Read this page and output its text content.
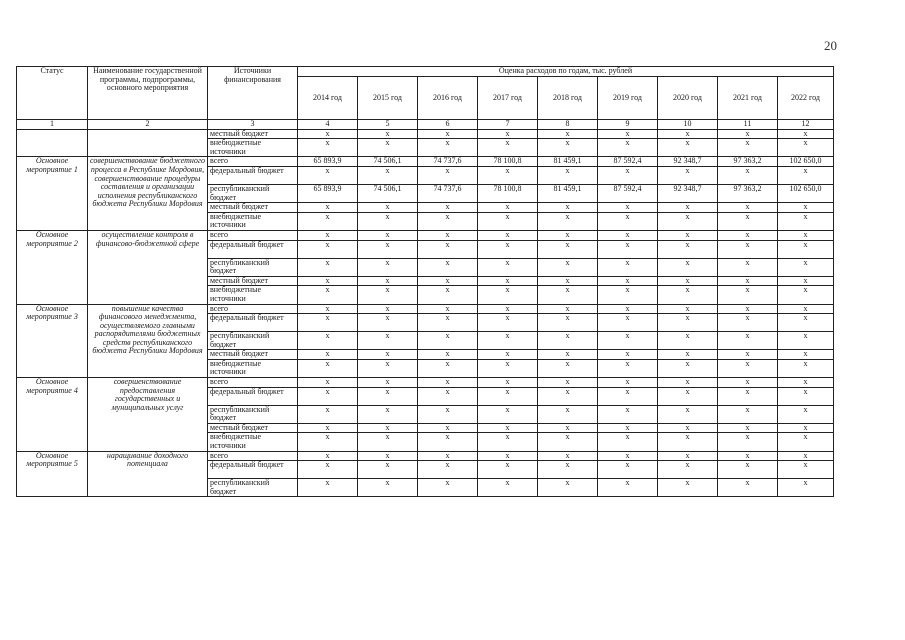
20
Статус	Наименование государственной программы, подпрограммы, основного мероприятия	Источники финансирования	Оценка расходов по годам, тыс. рублей								
			2014 год	2015 год	2016 год	2017 год	2018 год	2019 год	2020 год	2021 год	2022 год
1	2	3	4	5	6	7	8	9	10	11	12
		местный бюджет	x	x	x	x	x	x	x	x	x
		внебюджетные источники	x	x	x	x	x	x	x	x	x
Основное мероприятие 1	совершенствование бюджетного процесса в Республике Мордовия, совершенствование процедуры составления и организации исполнения республиканского бюджета Республики Мордовия	всего	65 893,9	74 506,1	74 737,6	78 100,8	81 459,1	87 592,4	92 348,7	97 363,2	102 650,0
		федеральный бюджет	x	x	x	x	x	x	x	x	x
		республиканский бюджет	65 893,9	74 506,1	74 737,6	78 100,8	81 459,1	87 592,4	92 348,7	97 363,2	102 650,0
		местный бюджет	x	x	x	x	x	x	x	x	x
		внебюджетные источники	x	x	x	x	x	x	x	x	x
Основное мероприятие 2	осуществление контроля в финансово-бюджетной сфере	всего	x	x	x	x	x	x	x	x	x
		федеральный бюджет	x	x	x	x	x	x	x	x	x
		республиканский бюджет	x	x	x	x	x	x	x	x	x
		местный бюджет	x	x	x	x	x	x	x	x	x
		внебюджетные источники	x	x	x	x	x	x	x	x	x
Основное мероприятие 3	повышение качества финансового менеджмента, осуществляемого главными распорядителями бюджетных средств республиканского бюджета Республики Мордовия	всего	x	x	x	x	x	x	x	x	x
		федеральный бюджет	x	x	x	x	x	x	x	x	x
		республиканский бюджет	x	x	x	x	x	x	x	x	x
		местный бюджет	x	x	x	x	x	x	x	x	x
		внебюджетные источники	x	x	x	x	x	x	x	x	x
Основное мероприятие 4	совершенствование предоставления государственных и муниципальных услуг	всего	x	x	x	x	x	x	x	x	x
		федеральный бюджет	x	x	x	x	x	x	x	x	x
		республиканский бюджет	x	x	x	x	x	x	x	x	x
		местный бюджет	x	x	x	x	x	x	x	x	x
		внебюджетные источники	x	x	x	x	x	x	x	x	x
Основное мероприятие 5	наращивание доходного потенциала	всего	x	x	x	x	x	x	x	x	x
		федеральный бюджет	x	x	x	x	x	x	x	x	x
		республиканский бюджет	x	x	x	x	x	x	x	x	x
